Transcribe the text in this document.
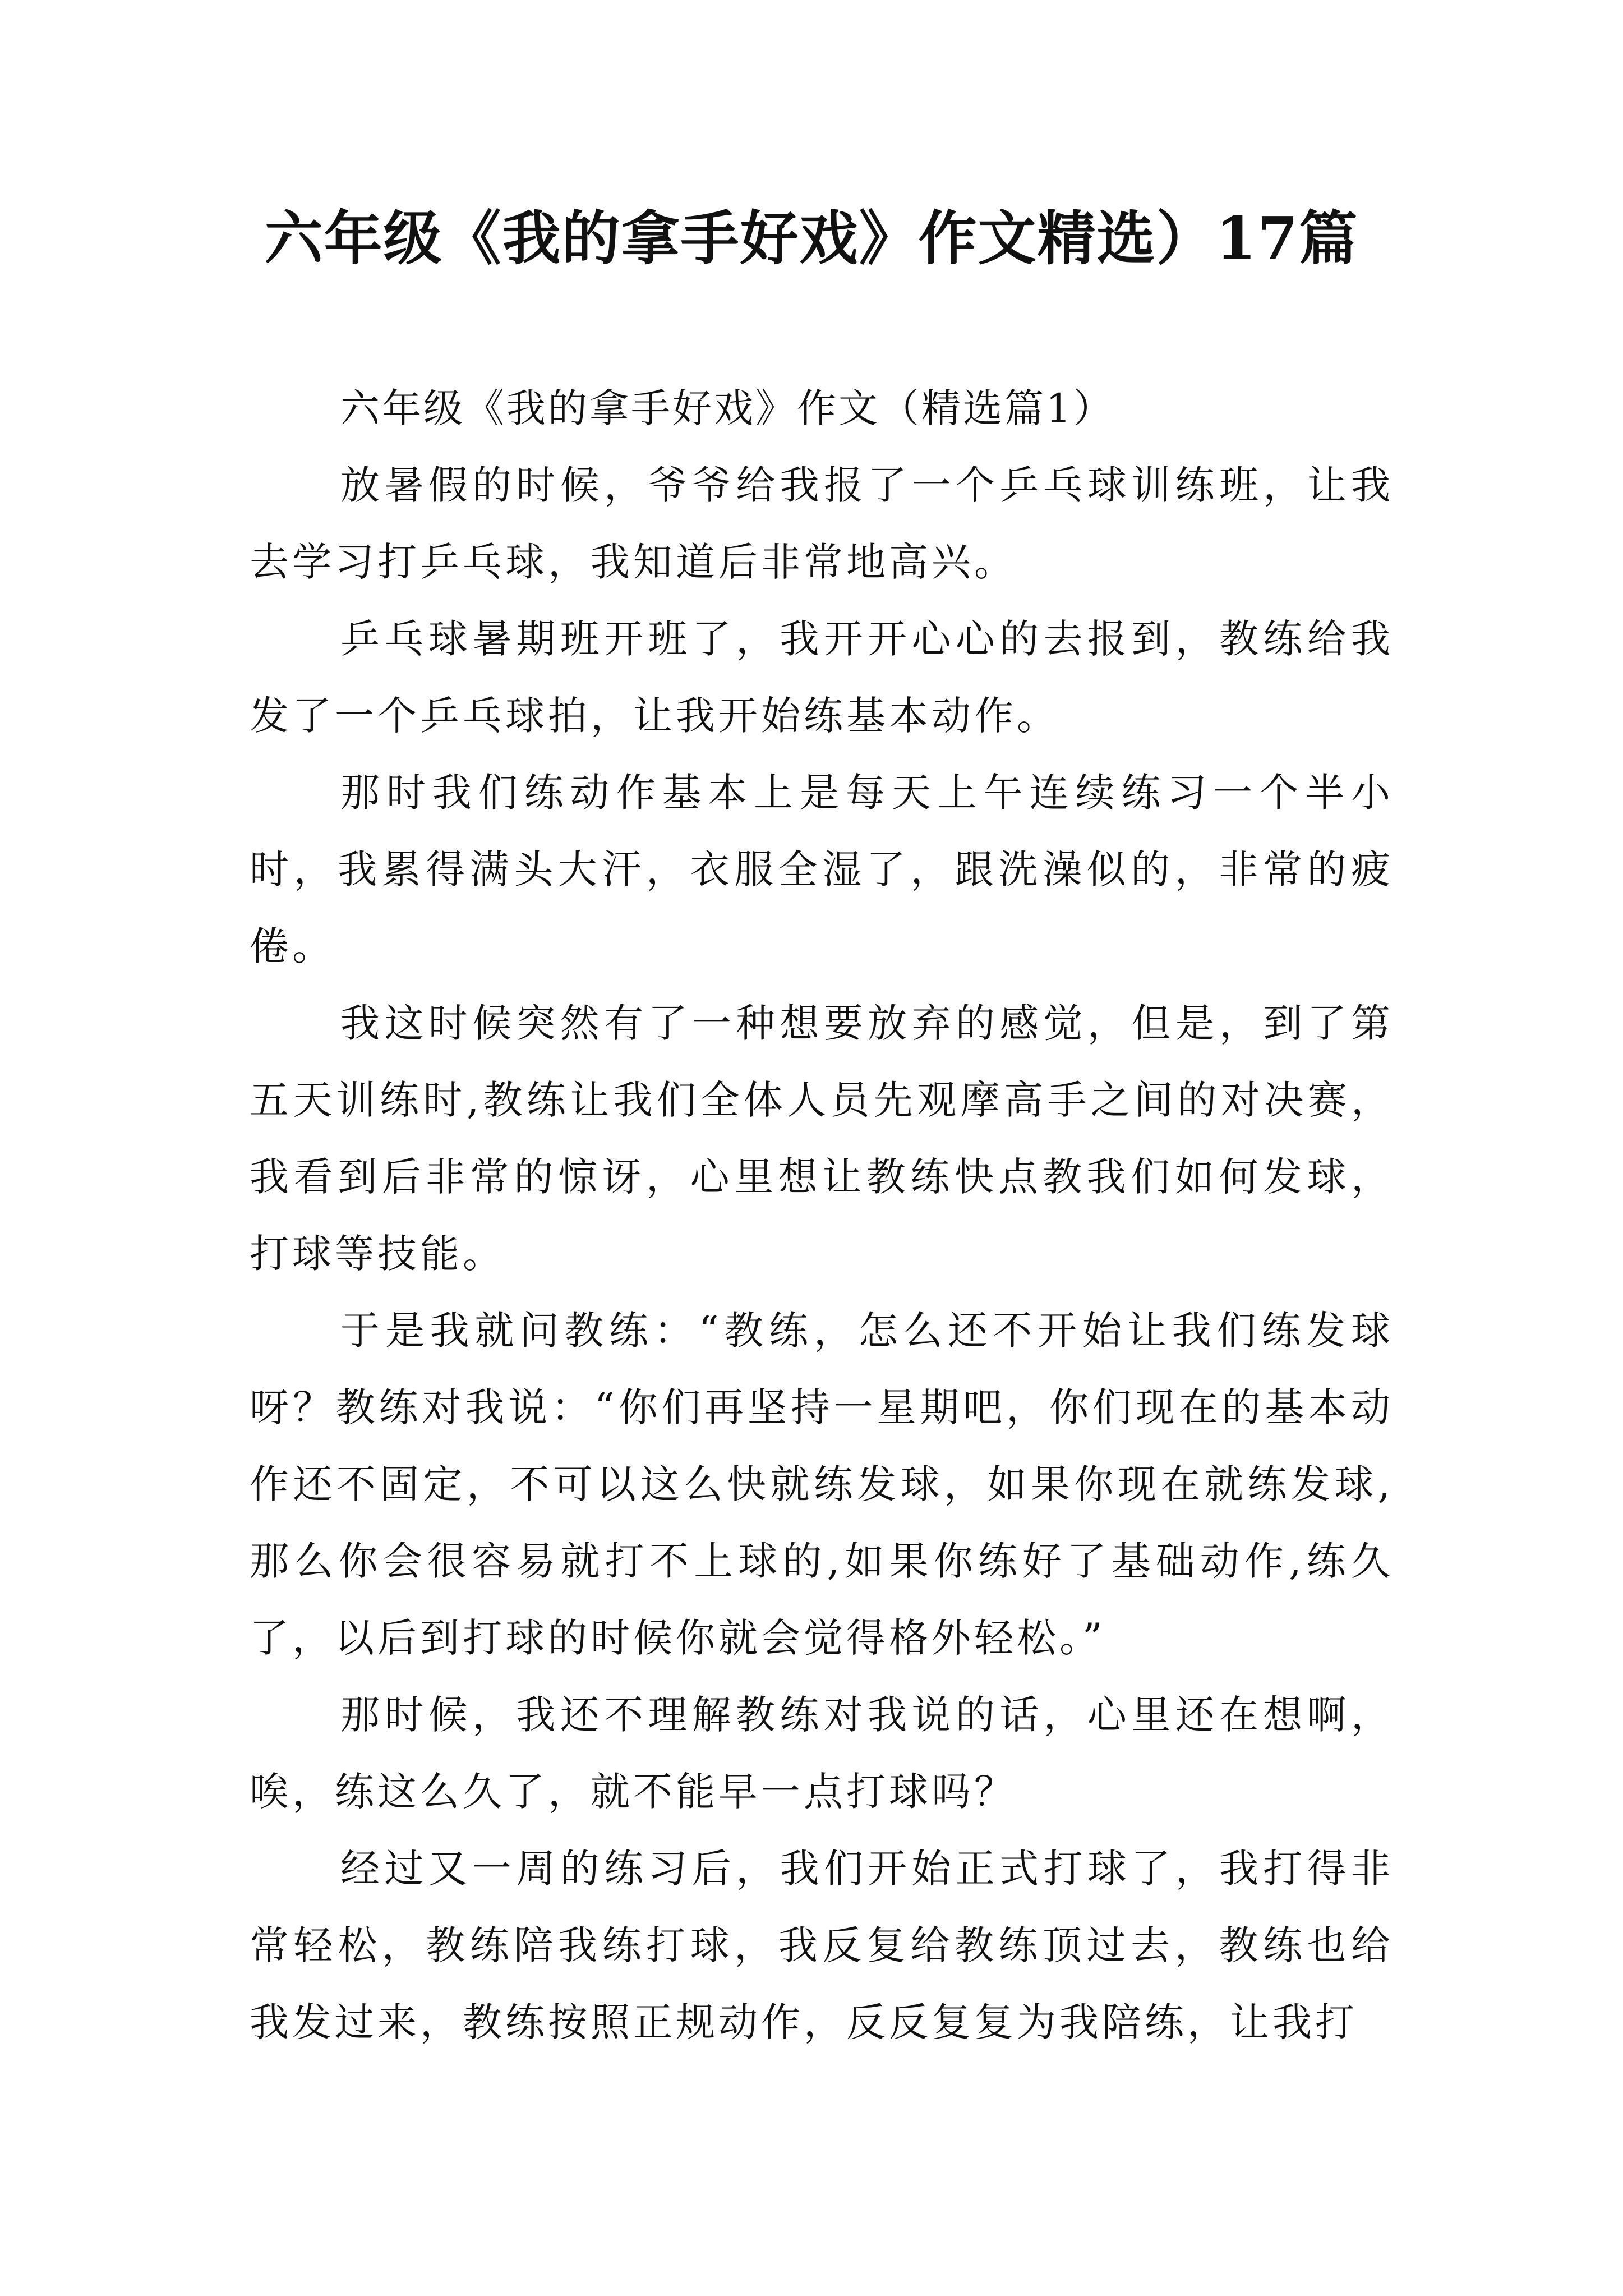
六年级《我的拿手好戏》作文精选）17篇

六年级《我的拿手好戏》作文（精选篇1）

放暑假的时候，爷爷给我报了一个乒乓球训练班，让我去学习打乒乓球，我知道后非常地高兴。

乒乓球暑期班开班了，我开开心心的去报到，教练给我发了一个乒乓球拍，让我开始练基本动作。

那时我们练动作基本上是每天上午连续练习一个半小时，我累得满头大汗，衣服全湿了，跟洗澡似的，非常的疲倦。

我这时候突然有了一种想要放弃的感觉，但是，到了第五天训练时,教练让我们全体人员先观摩高手之间的对决赛，我看到后非常的惊讶，心里想让教练快点教我们如何发球，打球等技能。

于是我就问教练：“教练，怎么还不开始让我们练发球呀？教练对我说：“你们再坚持一星期吧，你们现在的基本动作还不固定，不可以这么快就练发球，如果你现在就练发球,那么你会很容易就打不上球的,如果你练好了基础动作,练久了，以后到打球的时候你就会觉得格外轻松。”

那时候，我还不理解教练对我说的话，心里还在想啊，唉，练这么久了，就不能早一点打球吗？

经过又一周的练习后，我们开始正式打球了，我打得非常轻松，教练陪我练打球，我反复给教练顶过去，教练也给我发过来，教练按照正规动作，反反复复为我陪练，让我打
